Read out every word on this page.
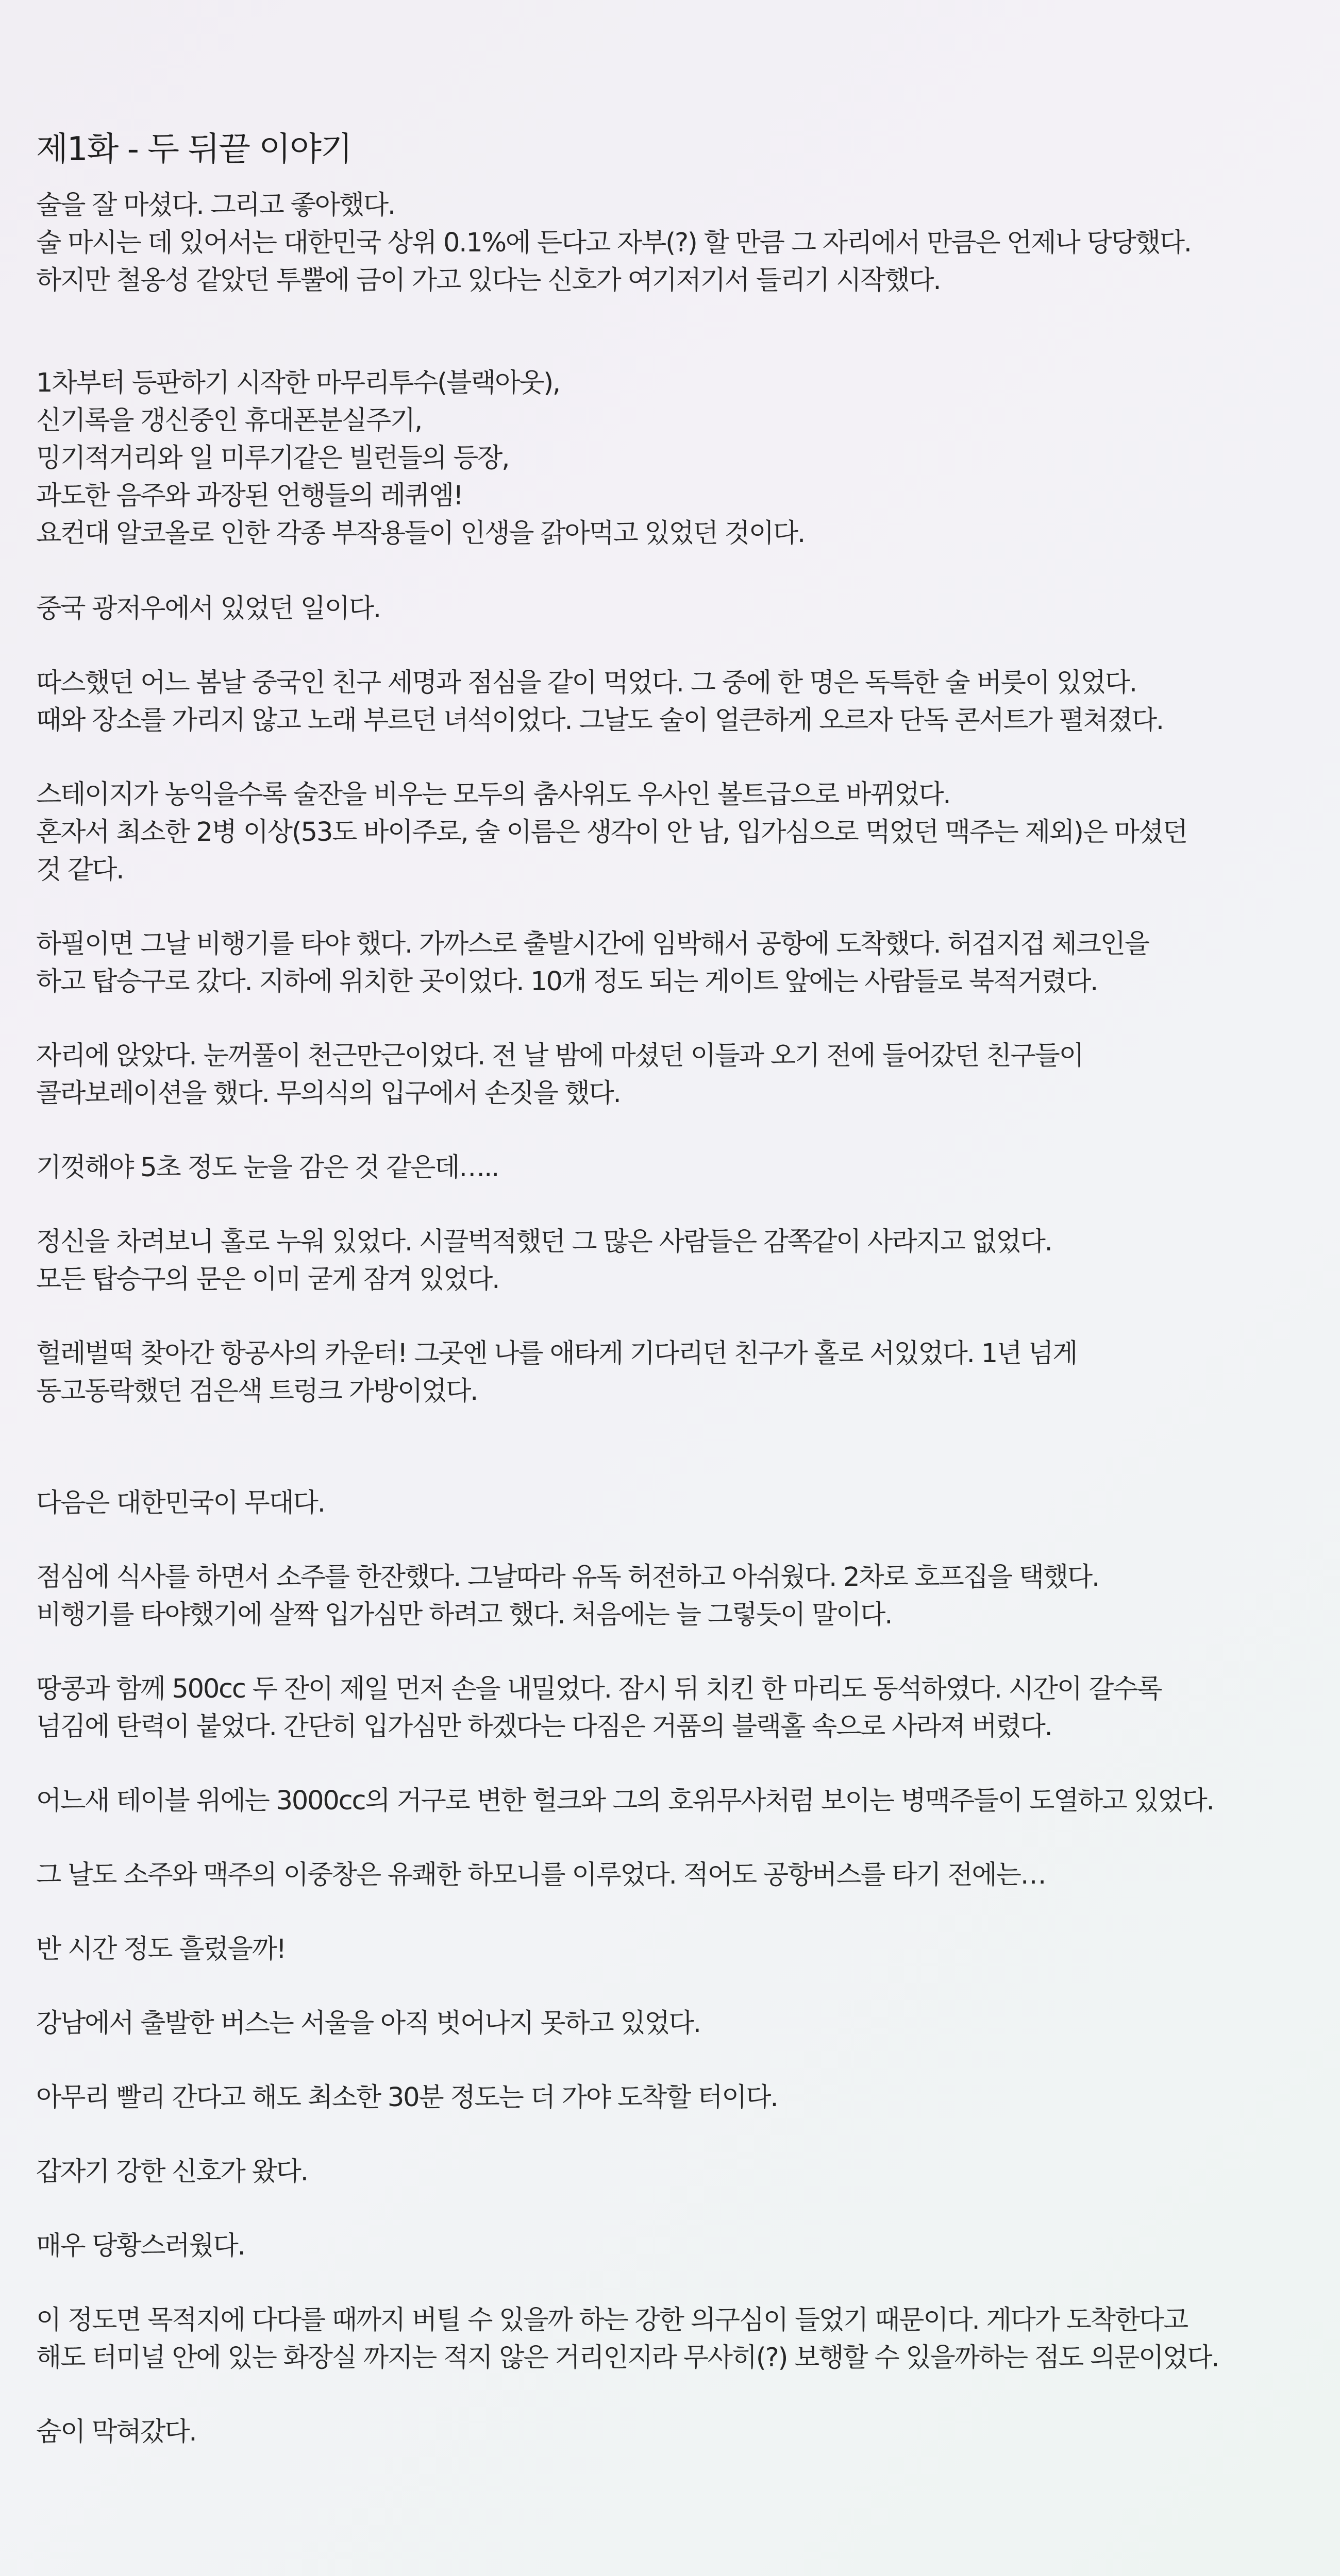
제1화 - 두 뒤끝 이야기

술을 잘 마셨다. 그리고 좋아했다.
술 마시는 데 있어서는 대한민국 상위 0.1%에 든다고 자부(?) 할 만큼 그 자리에서 만큼은 언제나 당당했다.
하지만 철옹성 같았던 투뿔에 금이 가고 있다는 신호가 여기저기서 들리기 시작했다.

1차부터 등판하기 시작한 마무리투수(블랙아웃),
신기록을 갱신중인 휴대폰분실주기,
밍기적거리와 일 미루기같은 빌런들의 등장,
과도한 음주와 과장된 언행들의 레퀴엠!
요컨대 알코올로 인한 각종 부작용들이 인생을 갉아먹고 있었던 것이다.

중국 광저우에서 있었던 일이다.

따스했던 어느 봄날 중국인 친구 세명과 점심을 같이 먹었다. 그 중에 한 명은 독특한 술 버릇이 있었다.
때와 장소를 가리지 않고 노래 부르던 녀석이었다. 그날도 술이 얼큰하게 오르자 단독 콘서트가 펼쳐졌다.

스테이지가 농익을수록 술잔을 비우는 모두의 춤사위도 우사인 볼트급으로 바뀌었다.
혼자서 최소한 2병 이상(53도 바이주로, 술 이름은 생각이 안 남, 입가심으로 먹었던 맥주는 제외)은 마셨던
것 같다.

하필이면 그날 비행기를 타야 했다. 가까스로 출발시간에 임박해서 공항에 도착했다. 허겁지겁 체크인을
하고 탑승구로 갔다. 지하에 위치한 곳이었다. 10개 정도 되는 게이트 앞에는 사람들로 북적거렸다.

자리에 앉았다. 눈꺼풀이 천근만근이었다. 전 날 밤에 마셨던 이들과 오기 전에 들어갔던 친구들이
콜라보레이션을 했다. 무의식의 입구에서 손짓을 했다.

기껏해야 5초 정도 눈을 감은 것 같은데…..

정신을 차려보니 홀로 누워 있었다. 시끌벅적했던 그 많은 사람들은 감쪽같이 사라지고 없었다.
모든 탑승구의 문은 이미 굳게 잠겨 있었다.

헐레벌떡 찾아간 항공사의 카운터! 그곳엔 나를 애타게 기다리던 친구가 홀로 서있었다. 1년 넘게
동고동락했던 검은색 트렁크 가방이었다.

다음은 대한민국이 무대다.

점심에 식사를 하면서 소주를 한잔했다. 그날따라 유독 허전하고 아쉬웠다. 2차로 호프집을 택했다.
비행기를 타야했기에 살짝 입가심만 하려고 했다. 처음에는 늘 그렇듯이 말이다.

땅콩과 함께 500cc 두 잔이 제일 먼저 손을 내밀었다. 잠시 뒤 치킨 한 마리도 동석하였다. 시간이 갈수록
넘김에 탄력이 붙었다. 간단히 입가심만 하겠다는 다짐은 거품의 블랙홀 속으로 사라져 버렸다.

어느새 테이블 위에는 3000cc의 거구로 변한 헐크와 그의 호위무사처럼 보이는 병맥주들이 도열하고 있었다.

그 날도 소주와 맥주의 이중창은 유쾌한 하모니를 이루었다. 적어도 공항버스를 타기 전에는…

반 시간 정도 흘렀을까!

강남에서 출발한 버스는 서울을 아직 벗어나지 못하고 있었다.

아무리 빨리 간다고 해도 최소한 30분 정도는 더 가야 도착할 터이다.

갑자기 강한 신호가 왔다.

매우 당황스러웠다.

이 정도면 목적지에 다다를 때까지 버틸 수 있을까 하는 강한 의구심이 들었기 때문이다. 게다가 도착한다고
해도 터미널 안에 있는 화장실 까지는 적지 않은 거리인지라 무사히(?) 보행할 수 있을까하는 점도 의문이었다.

숨이 막혀갔다.
